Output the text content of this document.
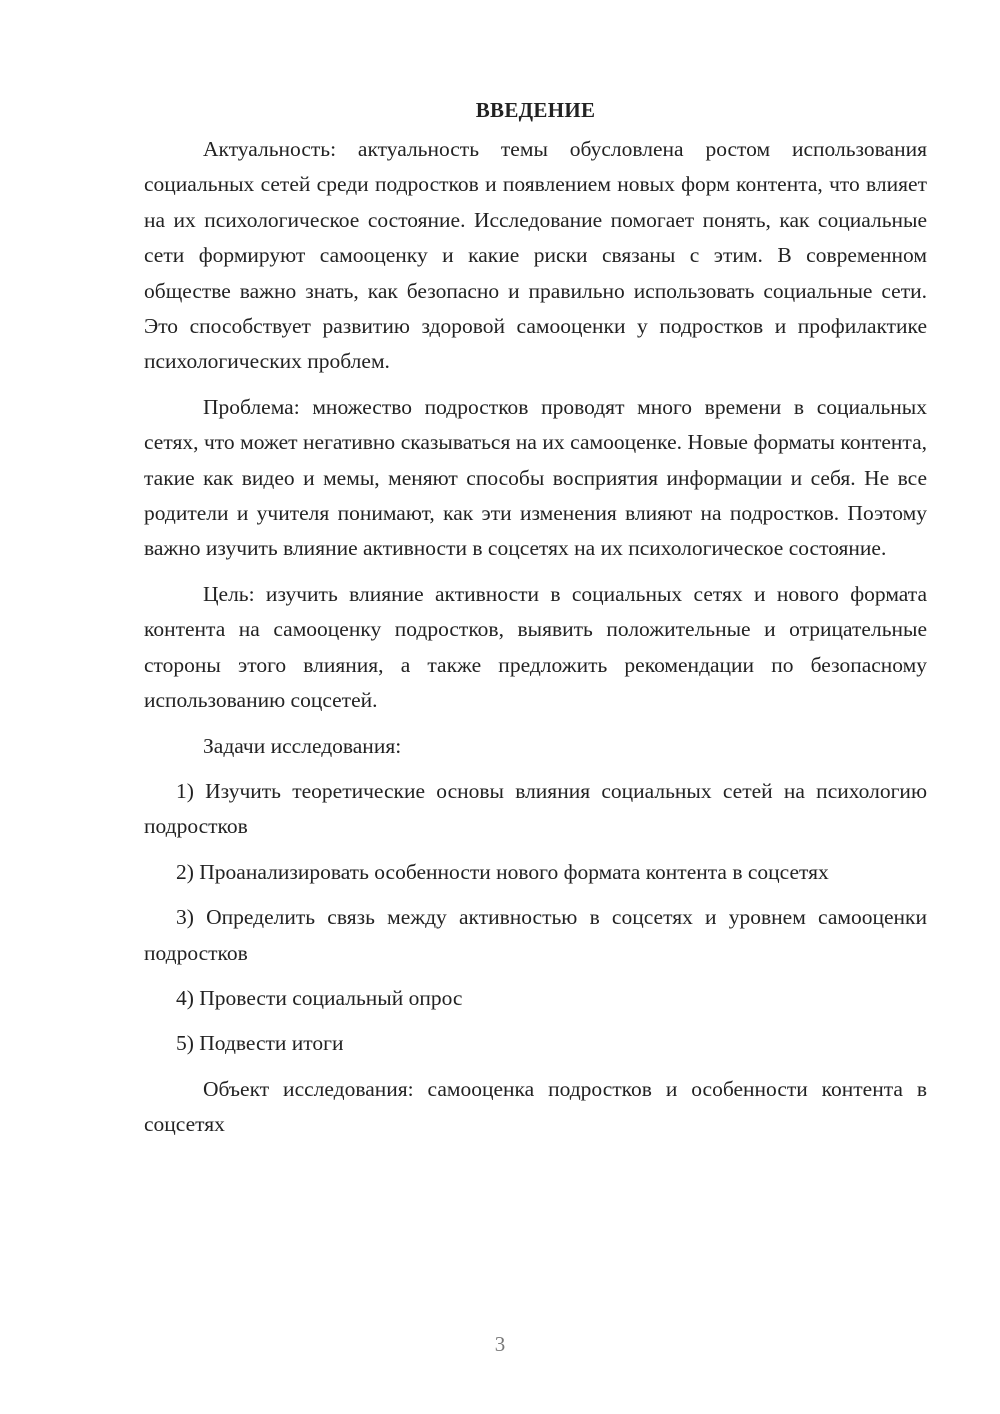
ВВЕДЕНИЕ

Актуальность: актуальность темы обусловлена ростом использования социальных сетей среди подростков и появлением новых форм контента, что влияет на их психологическое состояние. Исследование помогает понять, как социальные сети формируют самооценку и какие риски связаны с этим. В современном обществе важно знать, как безопасно и правильно использовать социальные сети. Это способствует развитию здоровой самооценки у подростков и профилактике психологических проблем.

Проблема: множество подростков проводят много времени в социальных сетях, что может негативно сказываться на их самооценке. Новые форматы контента, такие как видео и мемы, меняют способы восприятия информации и себя. Не все родители и учителя понимают, как эти изменения влияют на подростков. Поэтому важно изучить влияние активности в соцсетях на их психологическое состояние.

Цель: изучить влияние активности в социальных сетях и нового формата контента на самооценку подростков, выявить положительные и отрицательные стороны этого влияния, а также предложить рекомендации по безопасному использованию соцсетей.

Задачи исследования:

1) Изучить теоретические основы влияния социальных сетей на психологию подростков

2) Проанализировать особенности нового формата контента в соцсетях

3) Определить связь между активностью в соцсетях и уровнем самооценки подростков

4) Провести социальный опрос

5) Подвести итоги

Объект исследования: самооценка подростков и особенности контента в соцсетях

3
